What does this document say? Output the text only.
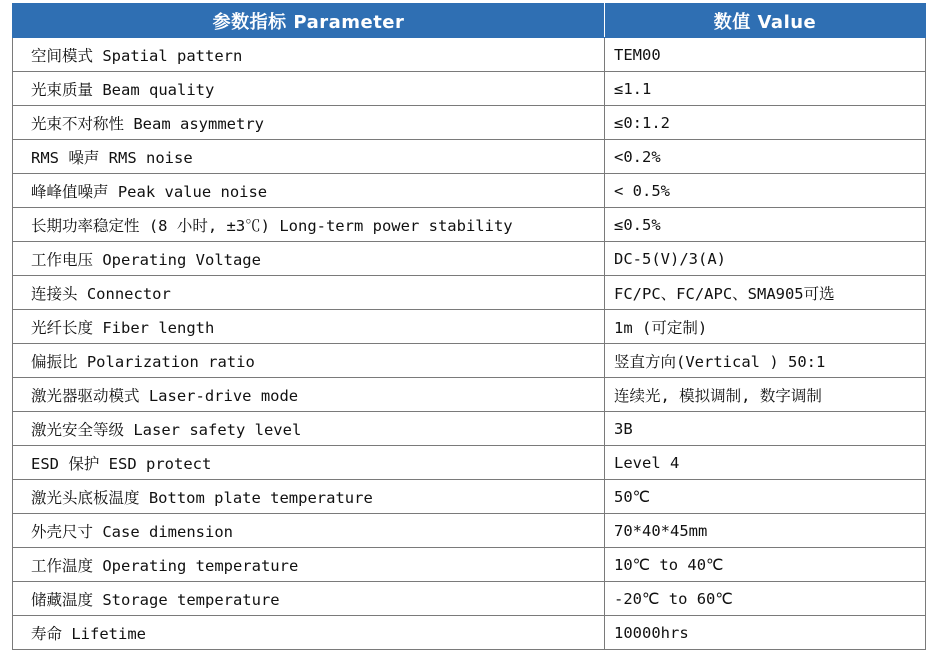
参数指标 Parameter	数值 Value
空间模式 Spatial pattern	TEM00
光束质量 Beam quality	≤1.1
光束不对称性 Beam asymmetry	≤0:1.2
RMS 噪声 RMS noise	<0.2%
峰峰值噪声 Peak value noise	< 0.5%
长期功率稳定性 (8 小时, ±3℃) Long-term power stability	≤0.5%
工作电压 Operating Voltage	DC-5(V)/3(A)
连接头 Connector	FC/PC、FC/APC、SMA905可选
光纤长度 Fiber length	1m (可定制)
偏振比 Polarization ratio	竖直方向(Vertical ) 50:1
激光器驱动模式 Laser-drive mode	连续光, 模拟调制, 数字调制
激光安全等级 Laser safety level	3B
ESD 保护 ESD protect	Level 4
激光头底板温度 Bottom plate temperature	50℃
外壳尺寸 Case dimension	70*40*45mm
工作温度 Operating temperature	10℃ to 40℃
储藏温度 Storage temperature	-20℃ to 60℃
寿命 Lifetime	10000hrs
